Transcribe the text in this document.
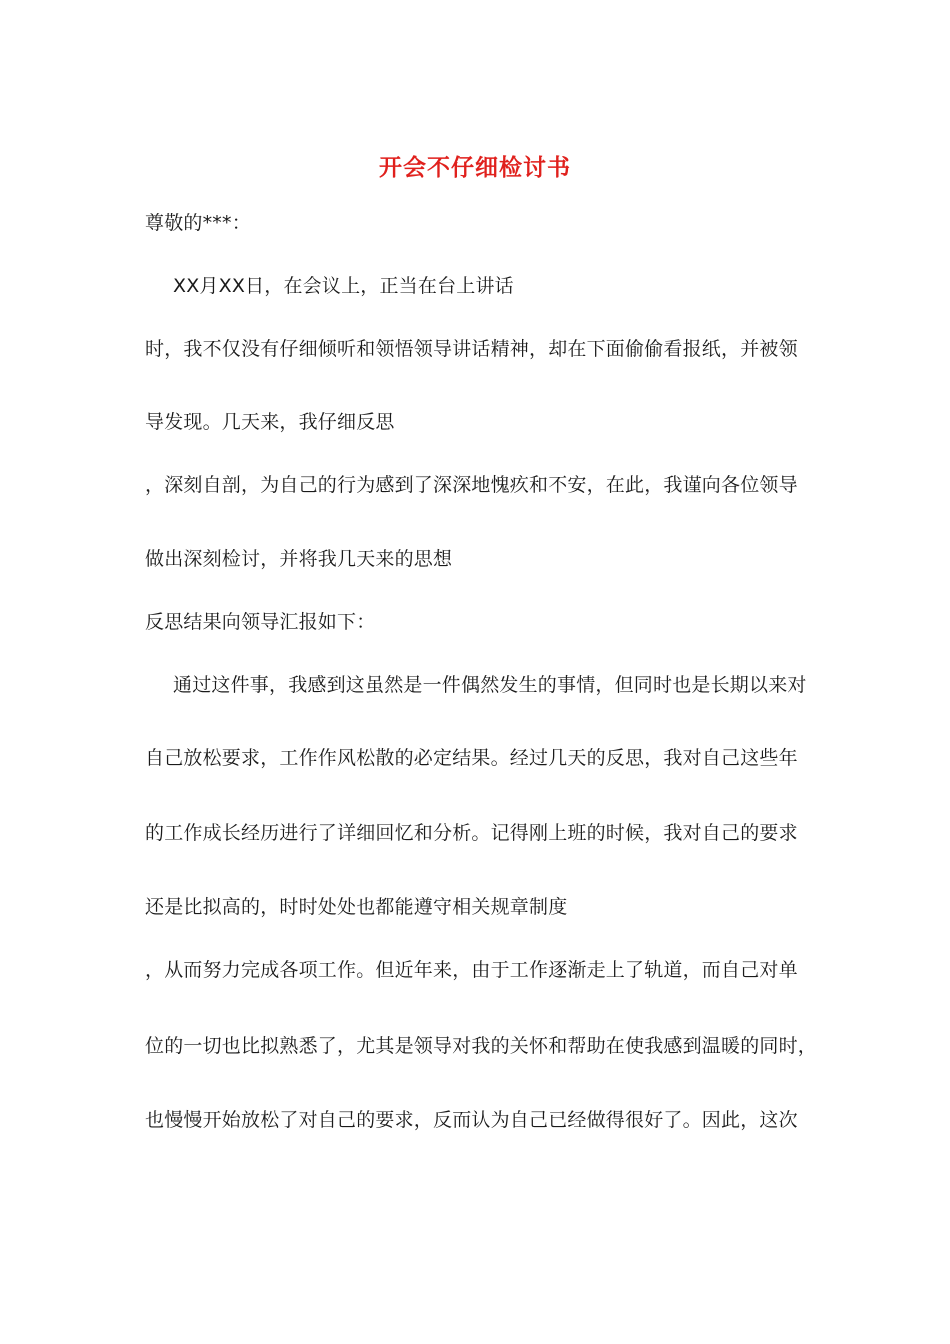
开会不仔细检讨书
尊敬的***：
XX月XX日，在会议上，正当在台上讲话
时，我不仅没有仔细倾听和领悟领导讲话精神，却在下面偷偷看报纸，并被领
导发现。几天来，我仔细反思
，深刻自剖，为自己的行为感到了深深地愧疚和不安，在此，我谨向各位领导
做出深刻检讨，并将我几天来的思想
反思结果向领导汇报如下：
通过这件事，我感到这虽然是一件偶然发生的事情，但同时也是长期以来对
自己放松要求，工作作风松散的必定结果。经过几天的反思，我对自己这些年
的工作成长经历进行了详细回忆和分析。记得刚上班的时候，我对自己的要求
还是比拟高的，时时处处也都能遵守相关规章制度
，从而努力完成各项工作。但近年来，由于工作逐渐走上了轨道，而自己对单
位的一切也比拟熟悉了，尤其是领导对我的关怀和帮助在使我感到温暖的同时，
也慢慢开始放松了对自己的要求，反而认为自己已经做得很好了。因此，这次
